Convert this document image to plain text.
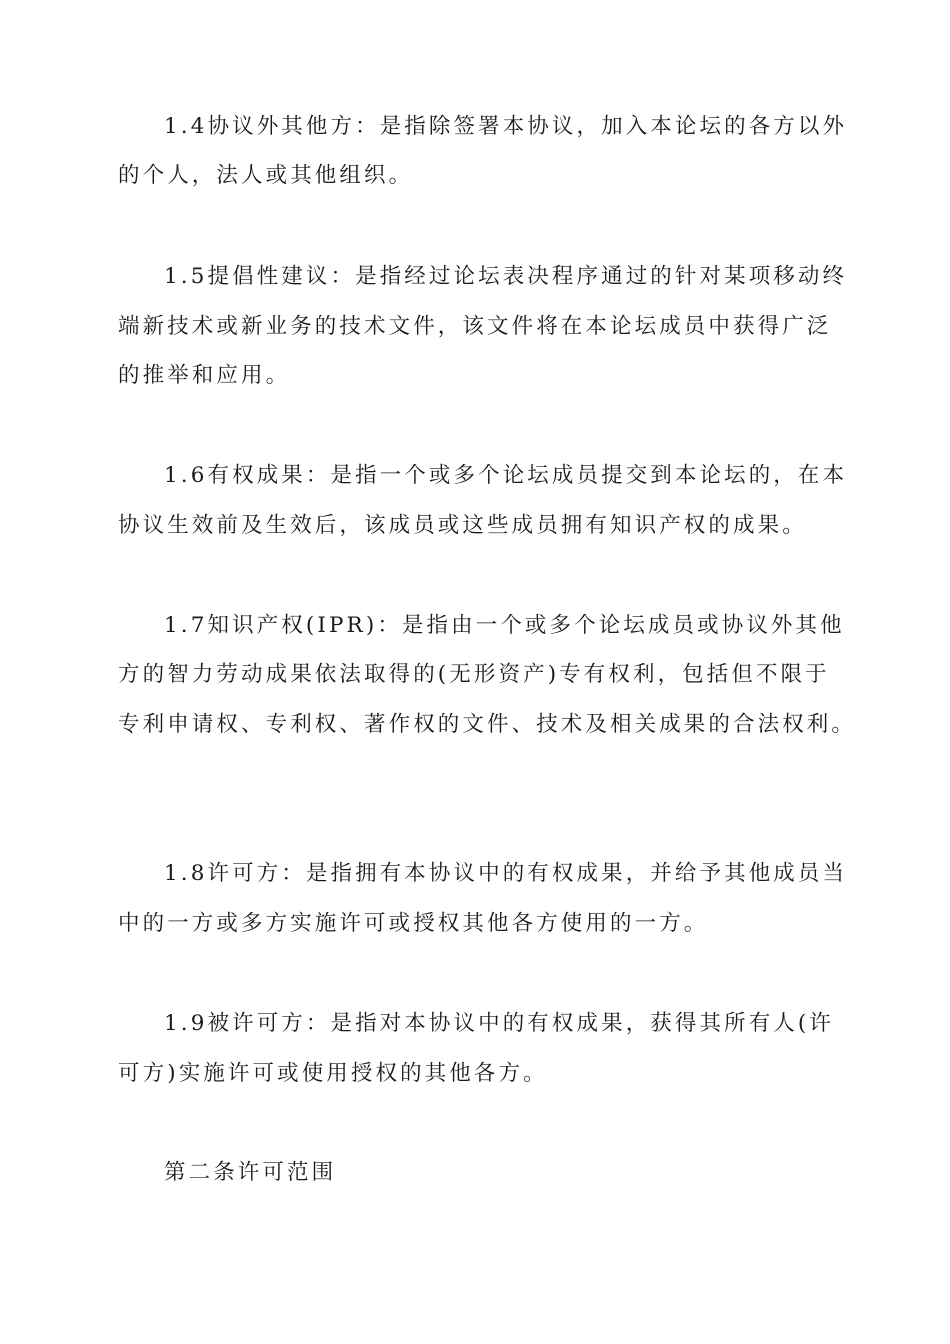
1.4协议外其他方：是指除签署本协议，加入本论坛的各方以外
的个人，法人或其他组织。
1.5提倡性建议：是指经过论坛表决程序通过的针对某项移动终
端新技术或新业务的技术文件，该文件将在本论坛成员中获得广泛
的推举和应用。
1.6有权成果：是指一个或多个论坛成员提交到本论坛的，在本
协议生效前及生效后，该成员或这些成员拥有知识产权的成果。
1.7知识产权(IPR)：是指由一个或多个论坛成员或协议外其他
方的智力劳动成果依法取得的(无形资产)专有权利，包括但不限于
专利申请权、专利权、著作权的文件、技术及相关成果的合法权利。
1.8许可方：是指拥有本协议中的有权成果，并给予其他成员当
中的一方或多方实施许可或授权其他各方使用的一方。
1.9被许可方：是指对本协议中的有权成果，获得其所有人(许
可方)实施许可或使用授权的其他各方。
第二条许可范围
